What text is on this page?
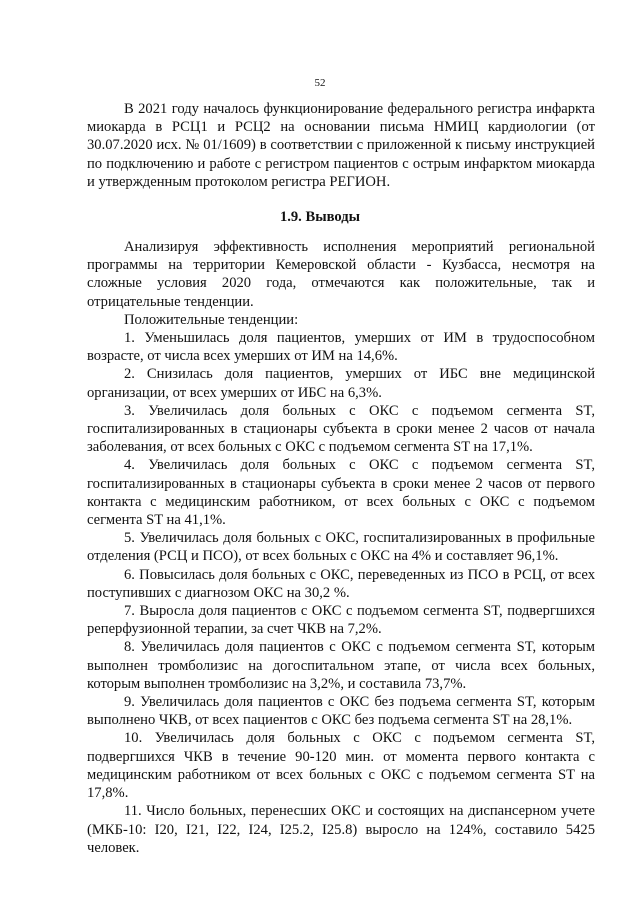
52

В 2021 году началось функционирование федерального регистра инфаркта миокарда в РСЦ1 и РСЦ2 на основании письма НМИЦ кардиологии (от 30.07.2020 исх. № 01/1609) в соответствии с приложенной к письму инструкцией по подключению и работе с регистром пациентов с острым инфарктом миокарда и утвержденным протоколом регистра РЕГИОН.

1.9. Выводы

Анализируя эффективность исполнения мероприятий региональной программы на территории Кемеровской области - Кузбасса, несмотря на сложные условия 2020 года, отмечаются как положительные, так и отрицательные тенденции.

Положительные тенденции:

1. Уменьшилась доля пациентов, умерших от ИМ в трудоспособном возрасте, от числа всех умерших от ИМ на 14,6%.

2. Снизилась доля пациентов, умерших от ИБС вне медицинской организации, от всех умерших от ИБС на 6,3%.

3. Увеличилась доля больных с ОКС с подъемом сегмента ST, госпитализированных в стационары субъекта в сроки менее 2 часов от начала заболевания, от всех больных с ОКС с подъемом сегмента ST на 17,1%.

4. Увеличилась доля больных с ОКС с подъемом сегмента ST, госпитализированных в стационары субъекта в сроки менее 2 часов от первого контакта с медицинским работником, от всех больных с ОКС с подъемом сегмента ST на 41,1%.

5. Увеличилась доля больных с ОКС, госпитализированных в профильные отделения (РСЦ и ПСО), от всех больных с ОКС на 4% и составляет 96,1%.

6. Повысилась доля больных с ОКС, переведенных из ПСО в РСЦ, от всех поступивших с диагнозом ОКС на 30,2 %.

7. Выросла доля пациентов с ОКС с подъемом сегмента ST, подвергшихся реперфузионной терапии, за счет ЧКВ на 7,2%.

8. Увеличилась доля пациентов с ОКС с подъемом сегмента ST, которым выполнен тромболизис на догоспитальном этапе, от числа всех больных, которым выполнен тромболизис на 3,2%, и составила 73,7%.

9. Увеличилась доля пациентов с ОКС без подъема сегмента ST, которым выполнено ЧКВ, от всех пациентов с ОКС без подъема сегмента ST на 28,1%.

10. Увеличилась доля больных с ОКС с подъемом сегмента ST, подвергшихся ЧКВ в течение 90-120 мин. от момента первого контакта с медицинским работником от всех больных с ОКС с подъемом сегмента ST на 17,8%.

11. Число больных, перенесших ОКС и состоящих на диспансерном учете (МКБ-10: I20, I21, I22, I24, I25.2, I25.8) выросло на 124%, составило 5425 человек.
